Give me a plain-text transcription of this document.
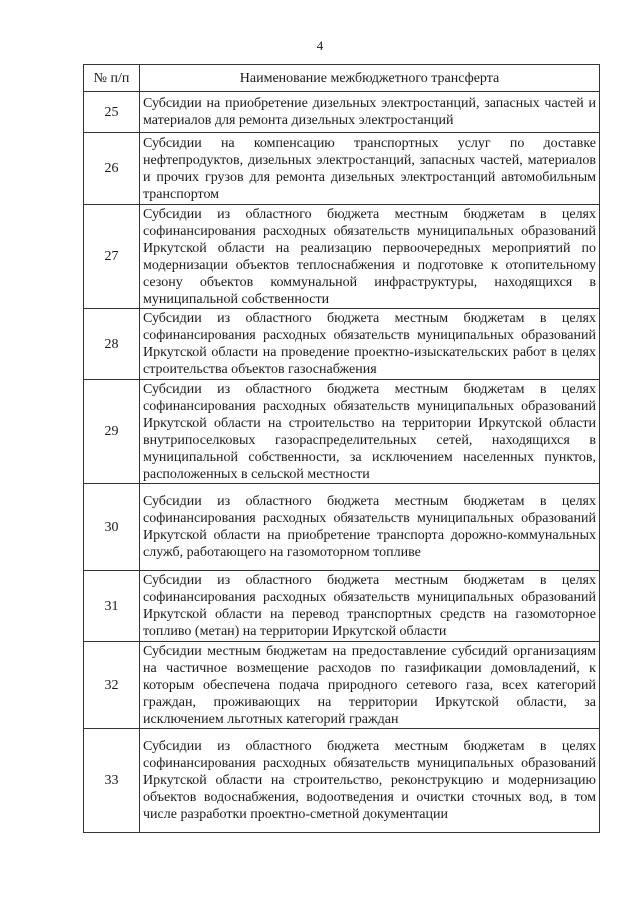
4
№ п/п	Наименование межбюджетного трансферта
25	Субсидии на приобретение дизельных электростанций, запасных частей и материалов для ремонта дизельных электростанций
26	Субсидии на компенсацию транспортных услуг по доставке нефтепродуктов, дизельных электростанций, запасных частей, материалов и прочих грузов для ремонта дизельных электростанций автомобильным транспортом
27	Субсидии из областного бюджета местным бюджетам в целях софинансирования расходных обязательств муниципальных образований Иркутской области на реализацию первоочередных мероприятий по модернизации объектов теплоснабжения и подготовке к отопительному сезону объектов коммунальной инфраструктуры, находящихся в муниципальной собственности
28	Субсидии из областного бюджета местным бюджетам в целях софинансирования расходных обязательств муниципальных образований Иркутской области на проведение проектно-изыскательских работ в целях строительства объектов газоснабжения
29	Субсидии из областного бюджета местным бюджетам в целях софинансирования расходных обязательств муниципальных образований Иркутской области на строительство на территории Иркутской области внутрипоселковых газораспределительных сетей, находящихся в муниципальной собственности, за исключением населенных пунктов, расположенных в сельской местности
30	Субсидии из областного бюджета местным бюджетам в целях софинансирования расходных обязательств муниципальных образований Иркутской области на приобретение транспорта дорожно-коммунальных служб, работающего на газомоторном топливе
31	Субсидии из областного бюджета местным бюджетам в целях софинансирования расходных обязательств муниципальных образований Иркутской области на перевод транспортных средств на газомоторное топливо (метан) на территории Иркутской области
32	Субсидии местным бюджетам на предоставление субсидий организациям на частичное возмещение расходов по газификации домовладений, к которым обеспечена подача природного сетевого газа, всех категорий граждан, проживающих на территории Иркутской области, за исключением льготных категорий граждан
33	Субсидии из областного бюджета местным бюджетам в целях софинансирования расходных обязательств муниципальных образований Иркутской области на строительство, реконструкцию и модернизацию объектов водоснабжения, водоотведения и очистки сточных вод, в том числе разработки проектно-сметной документации
